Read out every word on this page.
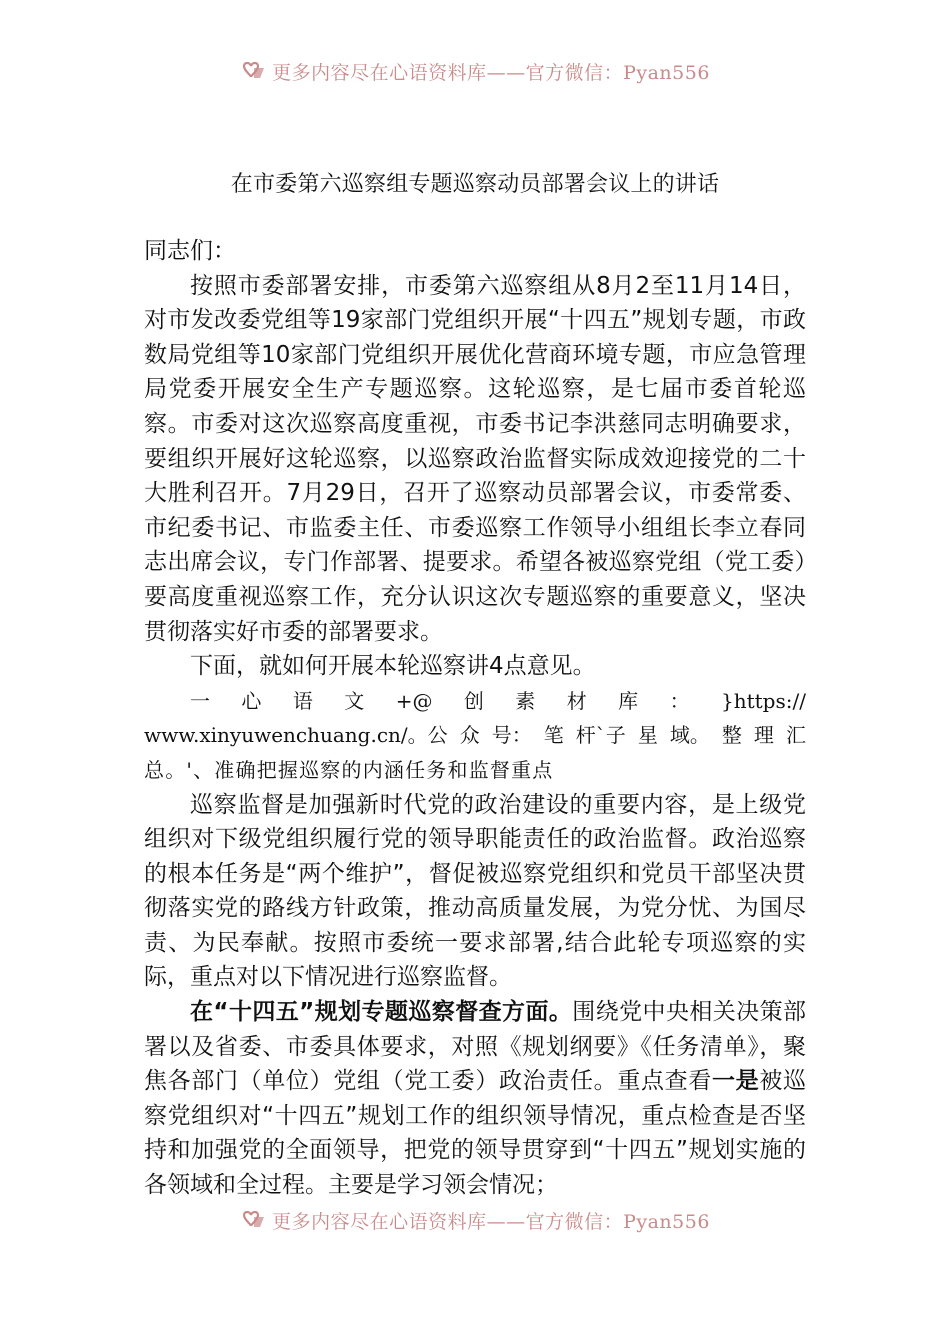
更多内容尽在心语资料库——官方微信：Pyan556
在市委第六巡察组专题巡察动员部署会议上的讲话

同志们：

按照市委部署安排，市委第六巡察组从8月2至11月14日，对市发改委党组等19家部门党组织开展“十四五”规划专题，市政数局党组等10家部门党组织开展优化营商环境专题，市应急管理局党委开展安全生产专题巡察。这轮巡察，是七届市委首轮巡察。市委对这次巡察高度重视，市委书记李洪慈同志明确要求，要组织开展好这轮巡察，以巡察政治监督实际成效迎接党的二十大胜利召开。7月29日，召开了巡察动员部署会议，市委常委、市纪委书记、市监委主任、市委巡察工作领导小组组长李立春同志出席会议，专门作部署、提要求。希望各被巡察党组（党工委）要高度重视巡察工作，充分认识这次专题巡察的重要意义，坚决贯彻落实好市委的部署要求。

下面，就如何开展本轮巡察讲4点意见。

一 心 语 文 +@ 创 素 材 库 ： }https://
www.xinyuwenchuang.cn/。公 众 号： 笔 杆`子 星 域。 整 理 汇
总。'、准确把握巡察的内涵任务和监督重点

巡察监督是加强新时代党的政治建设的重要内容，是上级党组织对下级党组织履行党的领导职能责任的政治监督。政治巡察的根本任务是“两个维护”，督促被巡察党组织和党员干部坚决贯彻落实党的路线方针政策，推动高质量发展，为党分忧、为国尽责、为民奉献。按照市委统一要求部署,结合此轮专项巡察的实际，重点对以下情况进行巡察监督。

在“十四五”规划专题巡察督查方面。围绕党中央相关决策部署以及省委、市委具体要求，对照《规划纲要》《任务清单》，聚焦各部门（单位）党组（党工委）政治责任。重点查看一是被巡察党组织对“十四五”规划工作的组织领导情况，重点检查是否坚持和加强党的全面领导，把党的领导贯穿到“十四五”规划实施的各领域和全过程。主要是学习领会情况；

更多内容尽在心语资料库——官方微信：Pyan556
